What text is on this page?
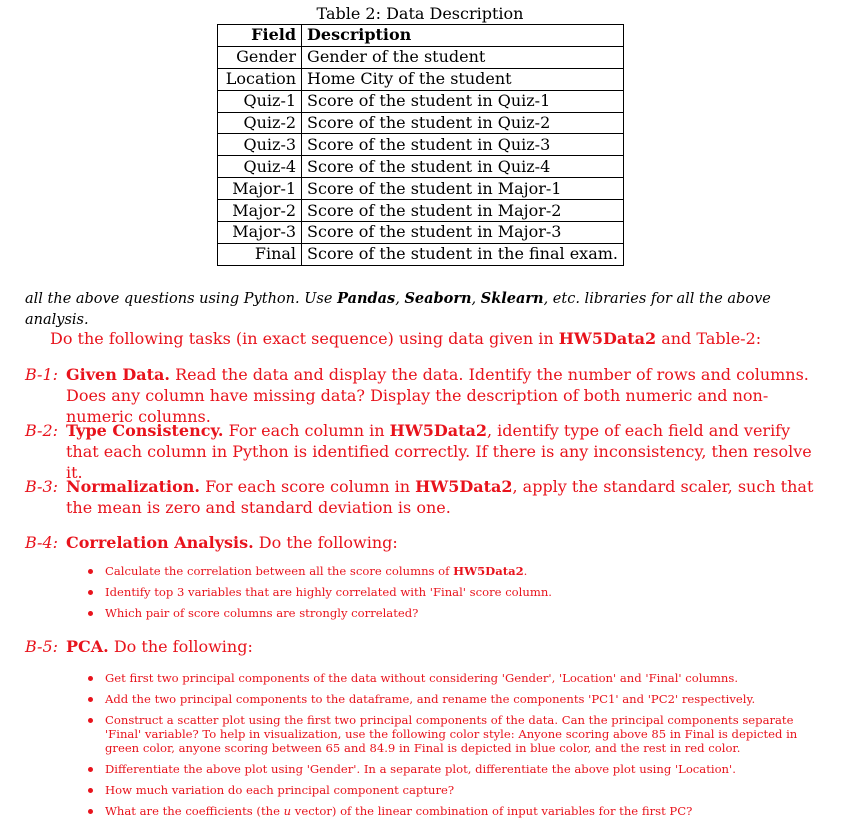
Table 2: Data Description
Field	Description
Gender	Gender of the student
Location	Home City of the student
Quiz-1	Score of the student in Quiz-1
Quiz-2	Score of the student in Quiz-2
Quiz-3	Score of the student in Quiz-3
Quiz-4	Score of the student in Quiz-4
Major-1	Score of the student in Major-1
Major-2	Score of the student in Major-2
Major-3	Score of the student in Major-3
Final	Score of the student in the final exam.
all the above questions using Python. Use Pandas, Seaborn, Sklearn, etc. libraries for all the above analysis.
Do the following tasks (in exact sequence) using data given in HW5Data2 and Table-2:
B-1: Given Data. Read the data and display the data. Identify the number of rows and columns. Does any column have missing data? Display the description of both numeric and non-numeric columns.
B-2: Type Consistency. For each column in HW5Data2, identify type of each field and verify that each column in Python is identified correctly. If there is any inconsistency, then resolve it.
B-3: Normalization. For each score column in HW5Data2, apply the standard scaler, such that the mean is zero and standard deviation is one.
B-4: Correlation Analysis. Do the following:
Calculate the correlation between all the score columns of HW5Data2.
Identify top 3 variables that are highly correlated with 'Final' score column.
Which pair of score columns are strongly correlated?
B-5: PCA. Do the following:
Get first two principal components of the data without considering 'Gender', 'Location' and 'Final' columns.
Add the two principal components to the dataframe, and rename the components 'PC1' and 'PC2' respectively.
Construct a scatter plot using the first two principal components of the data. Can the principal components separate 'Final' variable? To help in visualization, use the following color style: Anyone scoring above 85 in Final is depicted in green color, anyone scoring between 65 and 84.9 in Final is depicted in blue color, and the rest in red color.
Differentiate the above plot using 'Gender'. In a separate plot, differentiate the above plot using 'Location'.
How much variation do each principal component capture?
What are the coefficients (the u vector) of the linear combination of input variables for the first PC?
